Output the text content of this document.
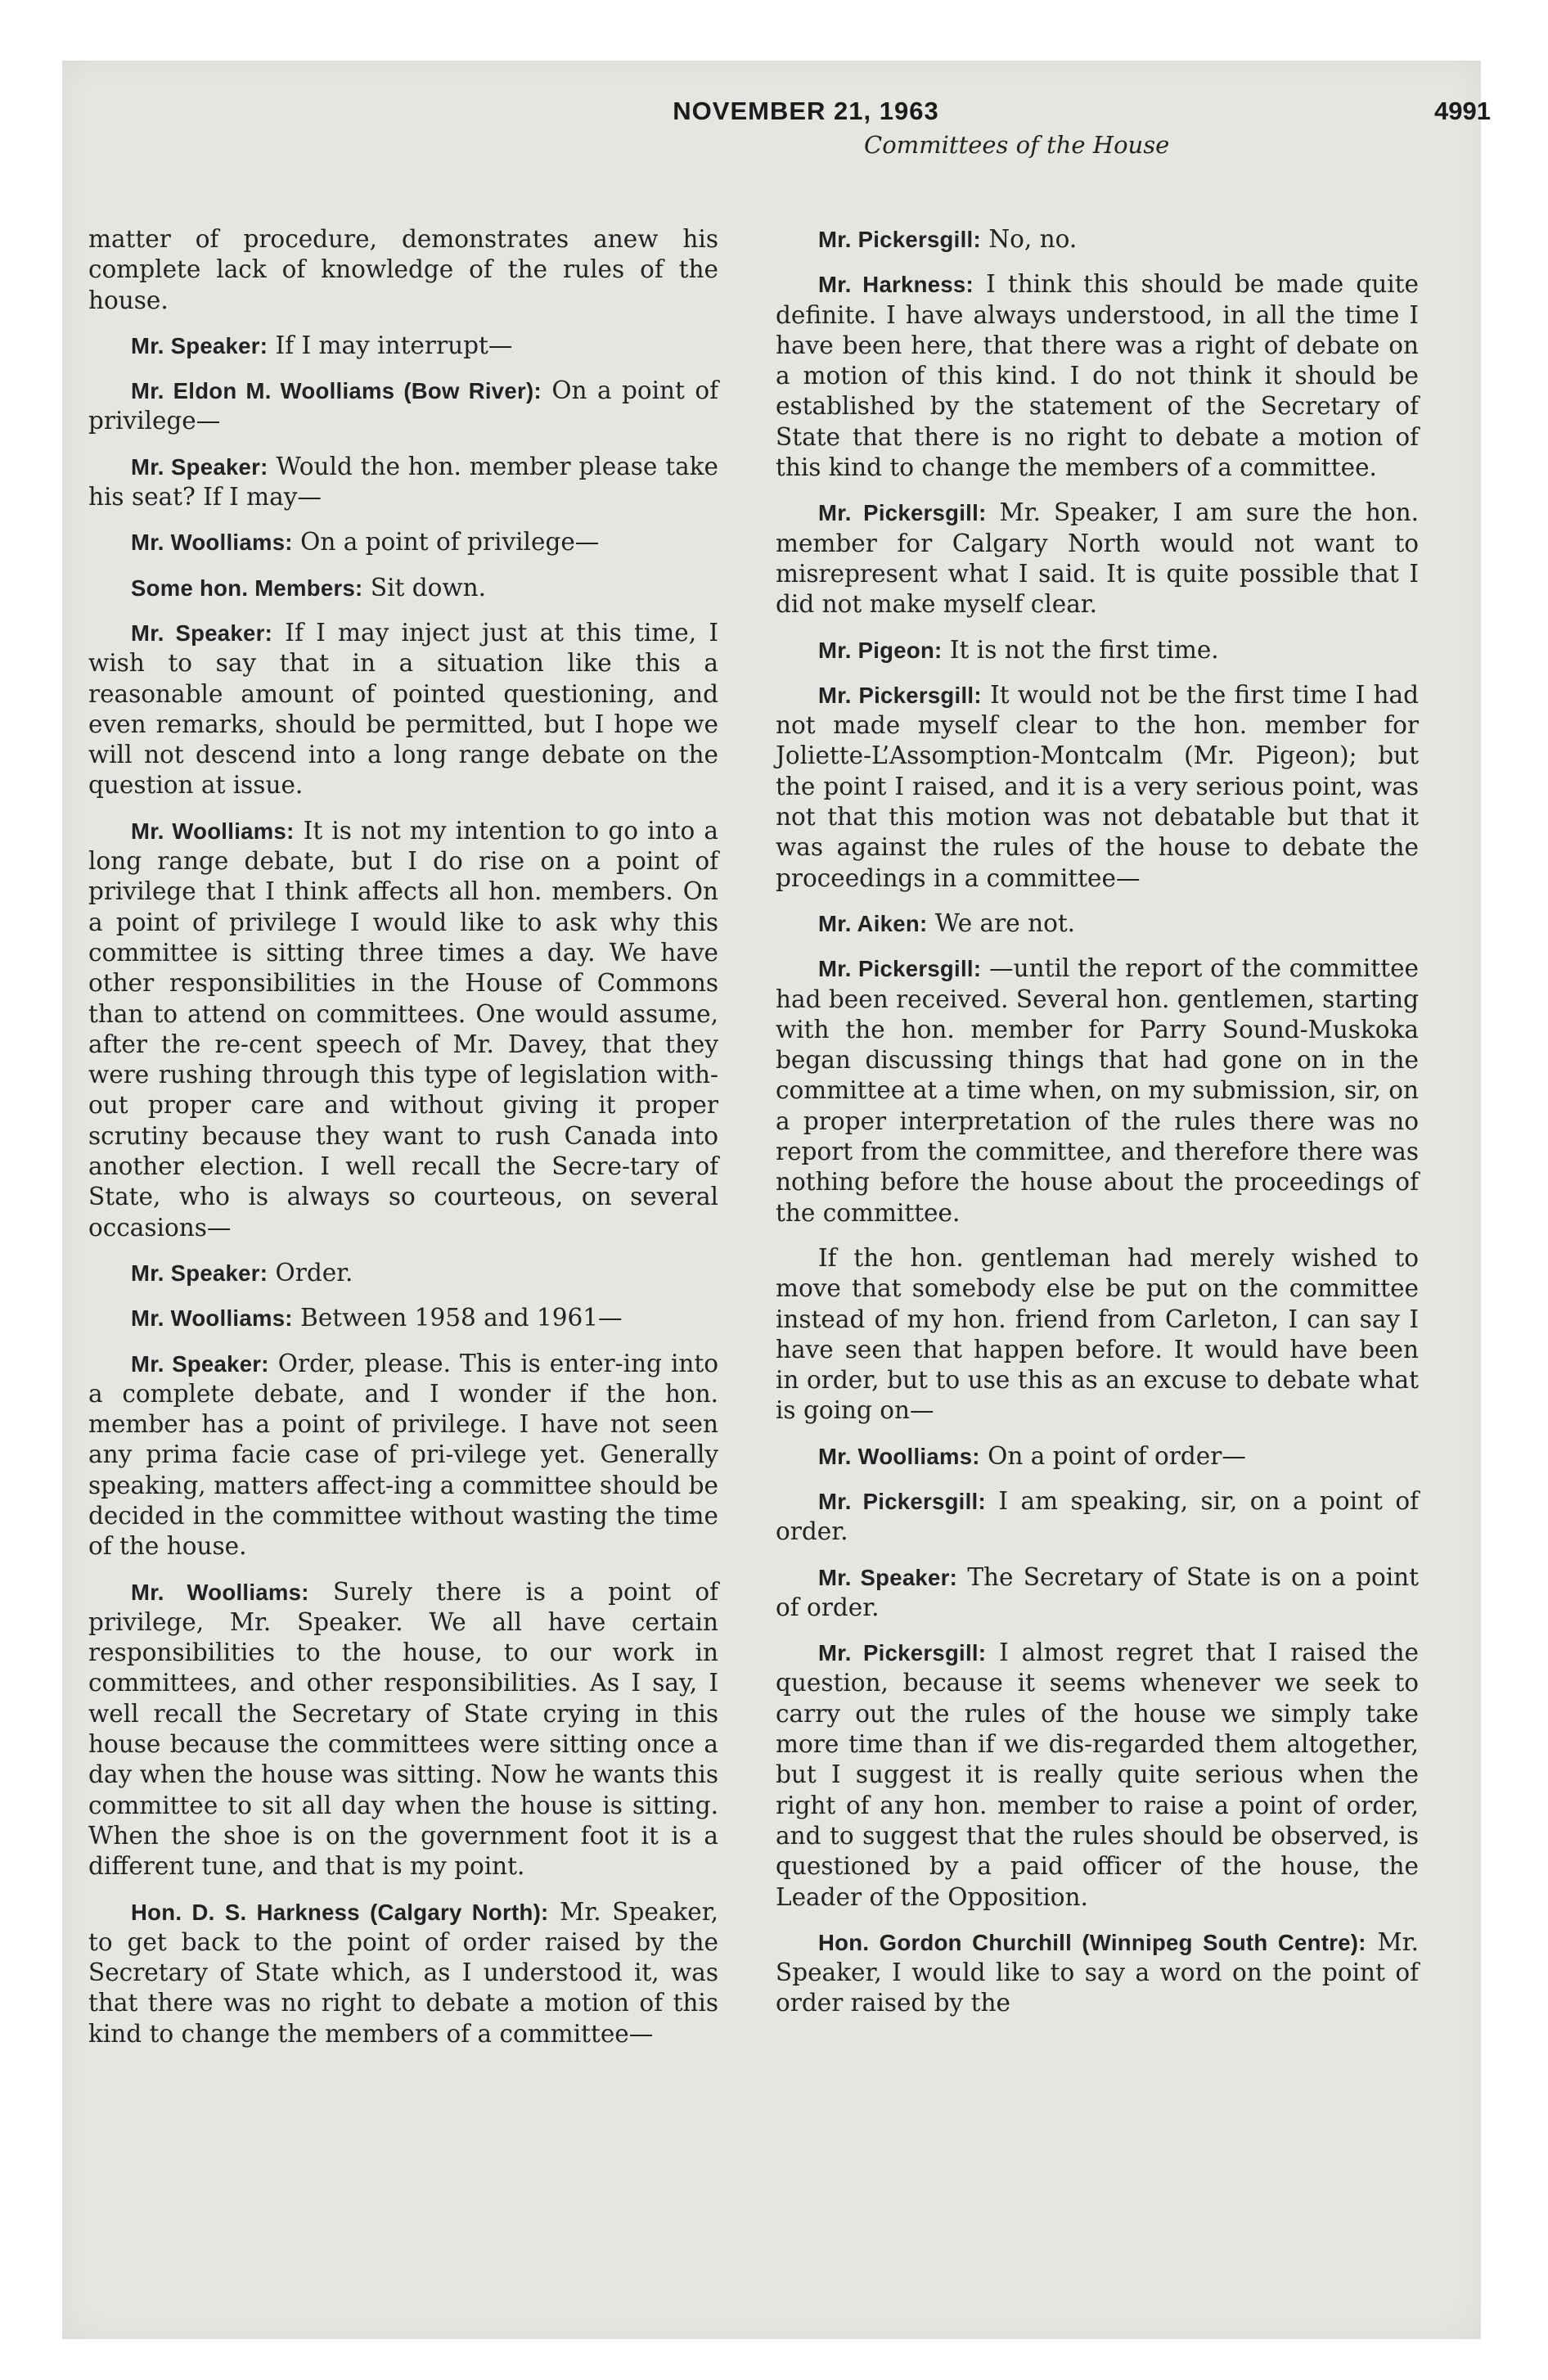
NOVEMBER 21, 1963	4991
Committees of the House

matter of procedure, demonstrates anew his complete lack of knowledge of the rules of the house.

Mr. Speaker: If I may interrupt—

Mr. Eldon M. Woolliams (Bow River): On a point of privilege—

Mr. Speaker: Would the hon. member please take his seat? If I may—

Mr. Woolliams: On a point of privilege—

Some hon. Members: Sit down.

Mr. Speaker: If I may inject just at this time, I wish to say that in a situation like this a reasonable amount of pointed questioning, and even remarks, should be permitted, but I hope we will not descend into a long range debate on the question at issue.

Mr. Woolliams: It is not my intention to go into a long range debate, but I do rise on a point of privilege that I think affects all hon. members. On a point of privilege I would like to ask why this committee is sitting three times a day. We have other responsibilities in the House of Commons than to attend on committees. One would assume, after the re-cent speech of Mr. Davey, that they were rushing through this type of legislation with-out proper care and without giving it proper scrutiny because they want to rush Canada into another election. I well recall the Secre-tary of State, who is always so courteous, on several occasions—

Mr. Speaker: Order.

Mr. Woolliams: Between 1958 and 1961—

Mr. Speaker: Order, please. This is enter-ing into a complete debate, and I wonder if the hon. member has a point of privilege. I have not seen any prima facie case of pri-vilege yet. Generally speaking, matters affect-ing a committee should be decided in the committee without wasting the time of the house.

Mr. Woolliams: Surely there is a point of privilege, Mr. Speaker. We all have certain responsibilities to the house, to our work in committees, and other responsibilities. As I say, I well recall the Secretary of State crying in this house because the committees were sitting once a day when the house was sitting. Now he wants this committee to sit all day when the house is sitting. When the shoe is on the government foot it is a different tune, and that is my point.

Hon. D. S. Harkness (Calgary North): Mr. Speaker, to get back to the point of order raised by the Secretary of State which, as I understood it, was that there was no right to debate a motion of this kind to change the members of a committee—

Mr. Pickersgill: No, no.

Mr. Harkness: I think this should be made quite definite. I have always understood, in all the time I have been here, that there was a right of debate on a motion of this kind. I do not think it should be established by the statement of the Secretary of State that there is no right to debate a motion of this kind to change the members of a committee.

Mr. Pickersgill: Mr. Speaker, I am sure the hon. member for Calgary North would not want to misrepresent what I said. It is quite possible that I did not make myself clear.

Mr. Pigeon: It is not the first time.

Mr. Pickersgill: It would not be the first time I had not made myself clear to the hon. member for Joliette-L’Assomption-Montcalm (Mr. Pigeon); but the point I raised, and it is a very serious point, was not that this motion was not debatable but that it was against the rules of the house to debate the proceedings in a committee—

Mr. Aiken: We are not.

Mr. Pickersgill: —until the report of the committee had been received. Several hon. gentlemen, starting with the hon. member for Parry Sound-Muskoka began discussing things that had gone on in the committee at a time when, on my submission, sir, on a proper interpretation of the rules there was no report from the committee, and therefore there was nothing before the house about the proceedings of the committee.

If the hon. gentleman had merely wished to move that somebody else be put on the committee instead of my hon. friend from Carleton, I can say I have seen that happen before. It would have been in order, but to use this as an excuse to debate what is going on—

Mr. Woolliams: On a point of order—

Mr. Pickersgill: I am speaking, sir, on a point of order.

Mr. Speaker: The Secretary of State is on a point of order.

Mr. Pickersgill: I almost regret that I raised the question, because it seems whenever we seek to carry out the rules of the house we simply take more time than if we dis-regarded them altogether, but I suggest it is really quite serious when the right of any hon. member to raise a point of order, and to suggest that the rules should be observed, is questioned by a paid officer of the house, the Leader of the Opposition.

Hon. Gordon Churchill (Winnipeg South Centre): Mr. Speaker, I would like to say a word on the point of order raised by the
